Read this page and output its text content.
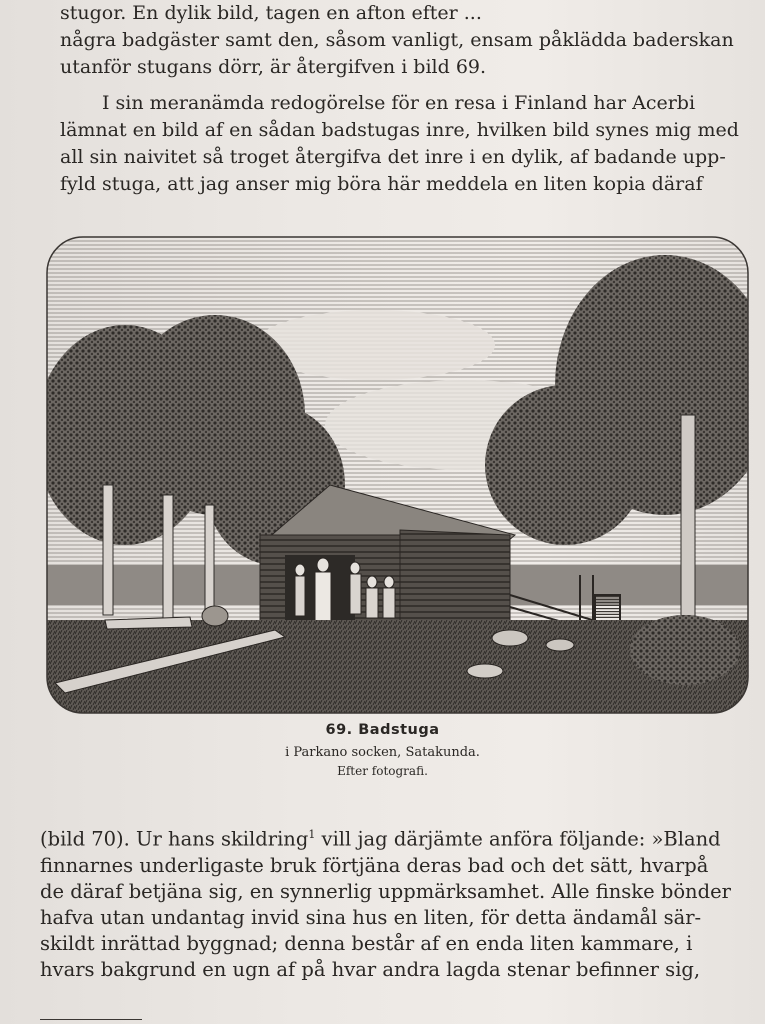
stugor. En dylik bild, tagen en afton efter ...
några badgäster samt den, såsom vanligt, ensam påklädda baderskan
utanför stugans dörr, är återgifven i bild 69.
I sin meranämda redogörelse för en resa i Finland har Acerbi
lämnat en bild af en sådan badstugas inre, hvilken bild synes mig med
all sin naivitet så troget återgifva det inre i en dylik, af badande upp-
fyld stuga, att jag anser mig böra här meddela en liten kopia däraf
69. Badstuga
i Parkano socken, Satakunda.
Efter fotografi.
(bild 70). Ur hans skildring$^1$ vill jag därjämte anföra följande: »Bland
finnarnes underligaste bruk förtjäna deras bad och det sätt, hvarpå
de däraf betjäna sig, en synnerlig uppmärksamhet. Alle finske bönder
hafva utan undantag invid sina hus en liten, för detta ändamål sär-
skildt inrättad byggnad; denna består af en enda liten kammare, i
hvars bakgrund en ugn af på hvar andra lagda stenar befinner sig,
